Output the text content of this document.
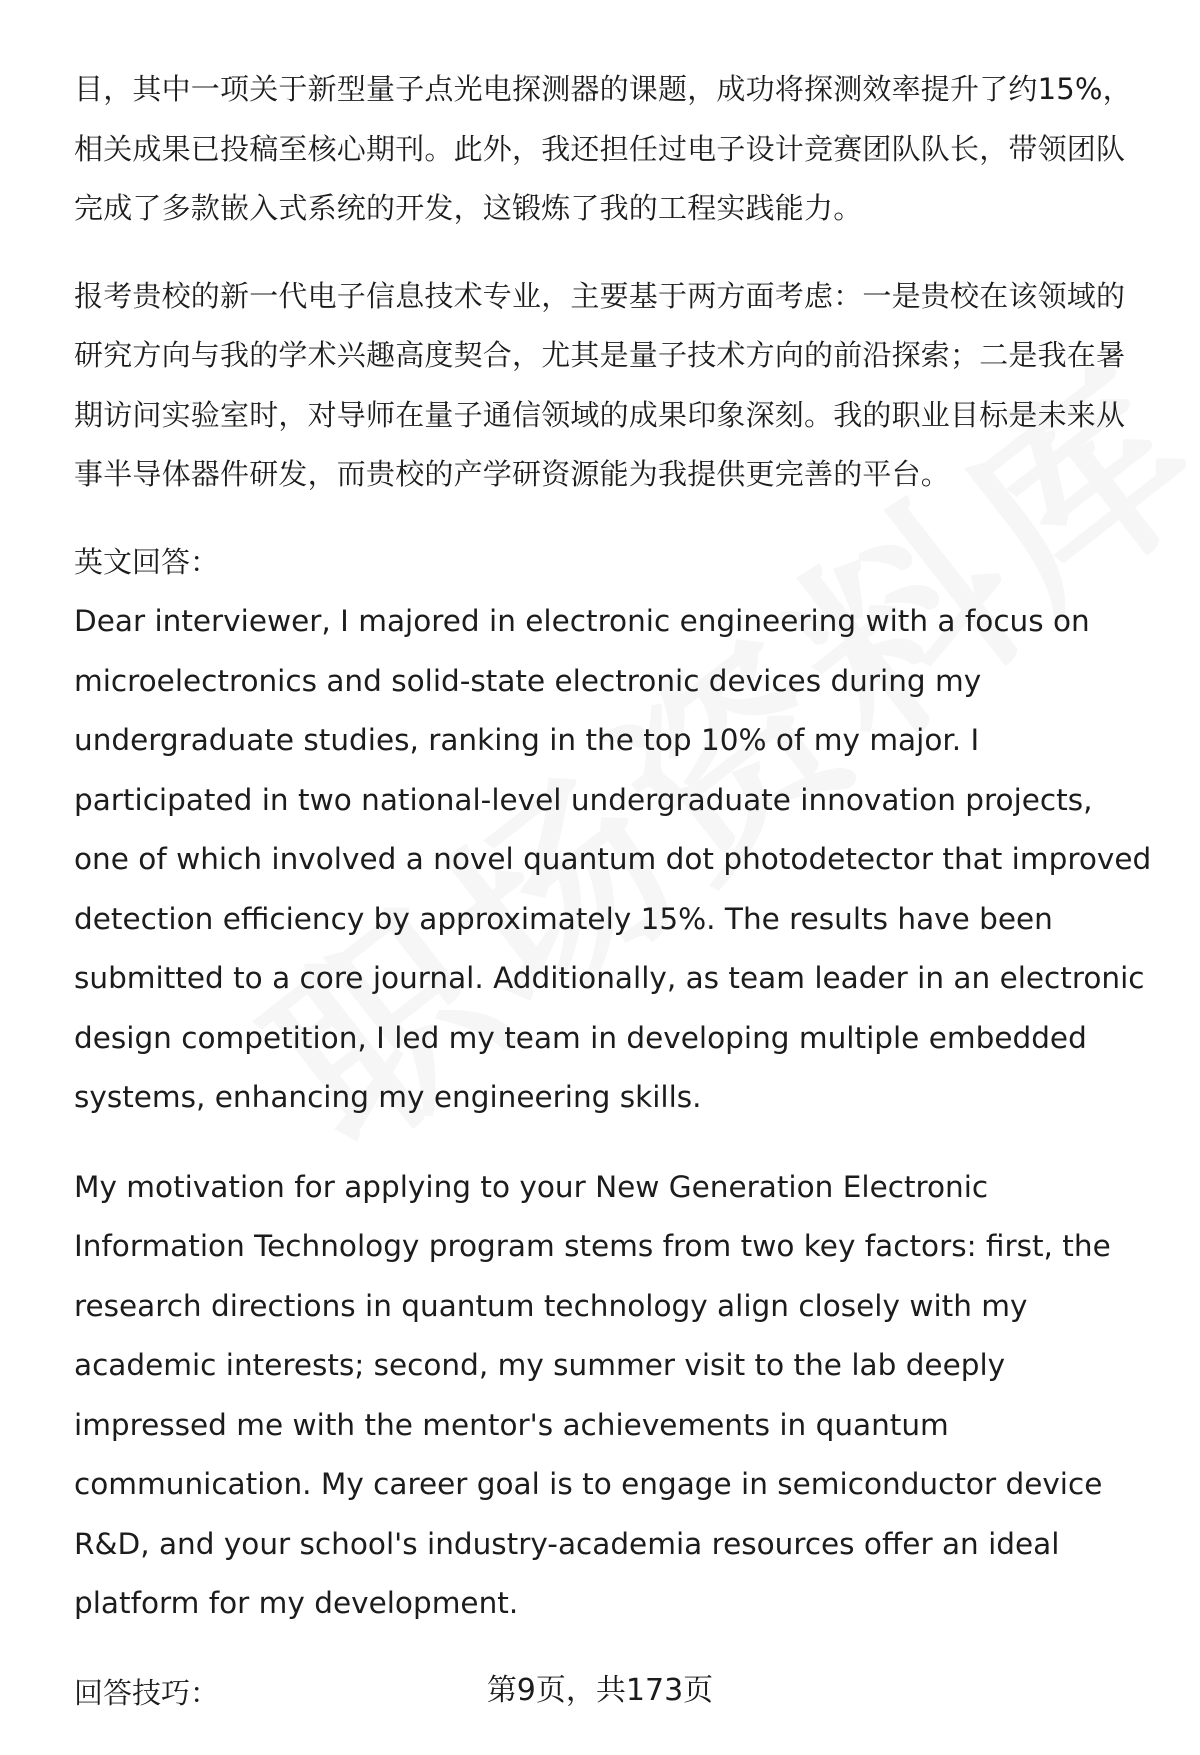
目，其中一项关于新型量子点光电探测器的课题，成功将探测效率提升了约15%，相关成果已投稿至核心期刊。此外，我还担任过电子设计竞赛团队队长，带领团队完成了多款嵌入式系统的开发，这锻炼了我的工程实践能力。

报考贵校的新一代电子信息技术专业，主要基于两方面考虑：一是贵校在该领域的研究方向与我的学术兴趣高度契合，尤其是量子技术方向的前沿探索；二是我在暑期访问实验室时，对导师在量子通信领域的成果印象深刻。我的职业目标是未来从事半导体器件研发，而贵校的产学研资源能为我提供更完善的平台。

英文回答：

Dear interviewer, I majored in electronic engineering with a focus on microelectronics and solid-state electronic devices during my undergraduate studies, ranking in the top 10% of my major. I participated in two national-level undergraduate innovation projects, one of which involved a novel quantum dot photodetector that improved detection efficiency by approximately 15%. The results have been submitted to a core journal. Additionally, as team leader in an electronic design competition, I led my team in developing multiple embedded systems, enhancing my engineering skills.

My motivation for applying to your New Generation Electronic Information Technology program stems from two key factors: first, the research directions in quantum technology align closely with my academic interests; second, my summer visit to the lab deeply impressed me with the mentor's achievements in quantum communication. My career goal is to engage in semiconductor device R&D, and your school's industry-academia resources offer an ideal platform for my development.

回答技巧：	第9页，共173页
